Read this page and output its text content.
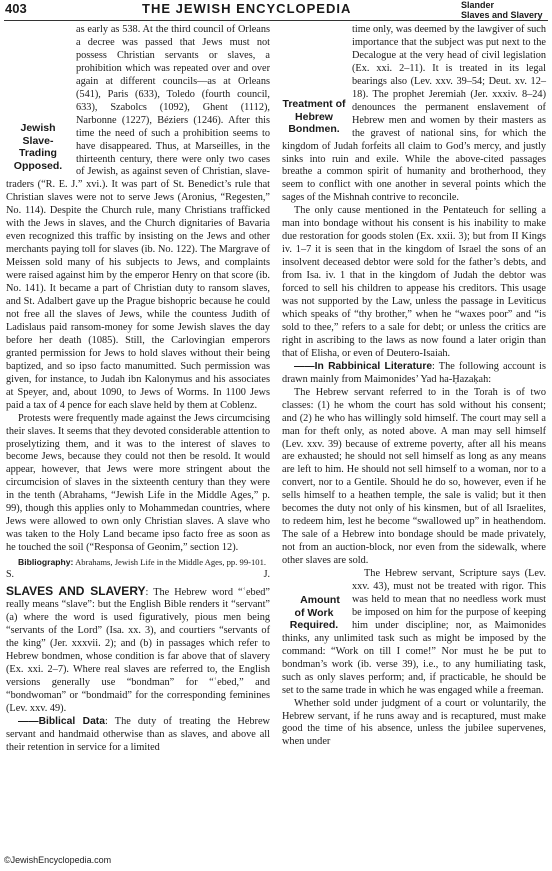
403	THE JEWISH ENCYCLOPEDIA	Slander
Slaves and Slavery

Jewish Slave-Trading Opposed.
as early as 538. At the third council of Orleans a decree was passed that Jews must not possess Christian servants or slaves, a prohibition which was repeated over and over again at different councils—as at Orleans (541), Paris (633), Toledo (fourth council, 633), Szabolcs (1092), Ghent (1112), Narbonne (1227), Béziers (1246). After this time the need of such a prohibition seems to have disappeared. Thus, at Marseilles, in the thirteenth century, there were only two cases of Jewish, as against seven of Christian, slave-traders (“R. E. J.” xvi.). It was part of St. Benedict’s rule that Christian slaves were not to serve Jews (Aronius, “Regesten,” No. 114). Despite the Church rule, many Christians trafficked with the Jews in slaves, and the Church dignitaries of Bavaria even recognized this traffic by insisting on the Jews and other merchants paying toll for slaves (ib. No. 122). The Margrave of Meissen sold many of his subjects to Jews, and complaints were raised against him by the emperor Henry on that score (ib. No. 141). It became a part of Christian duty to ransom slaves, and St. Adalbert gave up the Prague bishopric because he could not free all the slaves of Jews, while the countess Judith of Ladislaus paid ransom-money for some Jewish slaves the day before her death (1085). Still, the Carlovingian emperors granted permission for Jews to hold slaves without their being baptized, and so ipso facto manumitted. Such permission was given, for instance, to Judah ibn Kalonymus and his associates at Speyer, and, about 1090, to Jews of Worms. In 1100 Jews paid a tax of 4 pence for each slave held by them at Coblenz.

Protests were frequently made against the Jews circumcising their slaves. It seems that they devoted considerable attention to proselytizing them, and it was to the interest of slaves to become Jews, because they could not then be resold. It would appear, however, that Jews were more stringent about the circumcision of slaves in the sixteenth century than they were in the tenth (Abrahams, “Jewish Life in the Middle Ages,” p. 99), though this applies only to Mohammedan countries, where Jews were allowed to own only Christian slaves. A slave who was taken to the Holy Land became ipso facto free as soon as he touched the soil (“Responsa of Geonim,” section 12).

Bibliography: Abrahams, Jewish Life in the Middle Ages, pp. 99-101.

S.	J.

SLAVES AND SLAVERY: The Hebrew word “ʿebed” really means “slave”: but the English Bible renders it “servant” (a) where the word is used figuratively, pious men being “servants of the Lord” (Isa. xx. 3), and courtiers “servants of the king” (Jer. xxxvii. 2); and (b) in passages which refer to Hebrew bondmen, whose condition is far above that of slavery (Ex. xxi. 2–7). Where real slaves are referred to, the English versions generally use “bondman” for “ʿebed,” and “bondwoman” or “bondmaid” for the corresponding feminines (Lev. xxv. 49).

——Biblical Data: The duty of treating the Hebrew servant and handmaid otherwise than as slaves, and above all their retention in service for a limited

Treatment of Hebrew Bondmen.
time only, was deemed by the lawgiver of such importance that the subject was put next to the Decalogue at the very head of civil legislation (Ex. xxi. 2–11). It is treated in its legal bearings also (Lev. xxv. 39–54; Deut. xv. 12–18). The prophet Jeremiah (Jer. xxxiv. 8–24) denounces the permanent enslavement of Hebrew men and women by their masters as the gravest of national sins, for which the kingdom of Judah forfeits all claim to God’s mercy, and justly sinks into ruin and exile. While the above-cited passages breathe a common spirit of humanity and brotherhood, they seem to conflict with one another in several points which the sages of the Mishnah contrive to reconcile.

The only cause mentioned in the Pentateuch for selling a man into bondage without his consent is his inability to make due restoration for goods stolen (Ex. xxii. 3); but from II Kings iv. 1–7 it is seen that in the kingdom of Israel the sons of an insolvent deceased debtor were sold for the father’s debts, and from Isa. iv. 1 that in the kingdom of Judah the debtor was forced to sell his children to appease his creditors. This usage was not supported by the Law, unless the passage in Leviticus which speaks of “thy brother,” when he “waxes poor” and “is sold to thee,” refers to a sale for debt; or unless the critics are right in ascribing to the laws as now found a later origin than that of Elisha, or even of Deutero-Isaiah.

——In Rabbinical Literature: The following account is drawn mainly from Maimonides’ Yad ha-Ḥazaḳah:

The Hebrew servant referred to in the Torah is of two classes: (1) he whom the court has sold without his consent; and (2) he who has willingly sold himself. The court may sell a man for theft only, as noted above. A man may sell himself (Lev. xxv. 39) because of extreme poverty, after all his means are exhausted; he should not sell himself as long as any means are left to him. He should not sell himself to a woman, nor to a convert, nor to a Gentile. Should he do so, however, even if he sells himself to a heathen temple, the sale is valid; but it then becomes the duty not only of his kinsmen, but of all Israelites, to redeem him, lest he become “swallowed up” in heathendom. The sale of a Hebrew into bondage should be made privately, not from an auction-block, nor even from the sidewalk, where other slaves are sold.

Amount of Work Required.
The Hebrew servant, Scripture says (Lev. xxv. 43), must not be treated with rigor. This was held to mean that no needless work must be imposed on him for the purpose of keeping him under discipline; nor, as Maimonides thinks, any unlimited task such as might be imposed by the command: “Work on till I come!” Nor must he be put to bondman’s work (ib. verse 39), i.e., to any humiliating task, such as only slaves perform; and, if practicable, he should be set to the same trade in which he was engaged while a freeman.

Whether sold under judgment of a court or voluntarily, the Hebrew servant, if he runs away and is recaptured, must make good the time of his absence, unless the jubilee supervenes, when under

©JewishEncyclopedia.com
